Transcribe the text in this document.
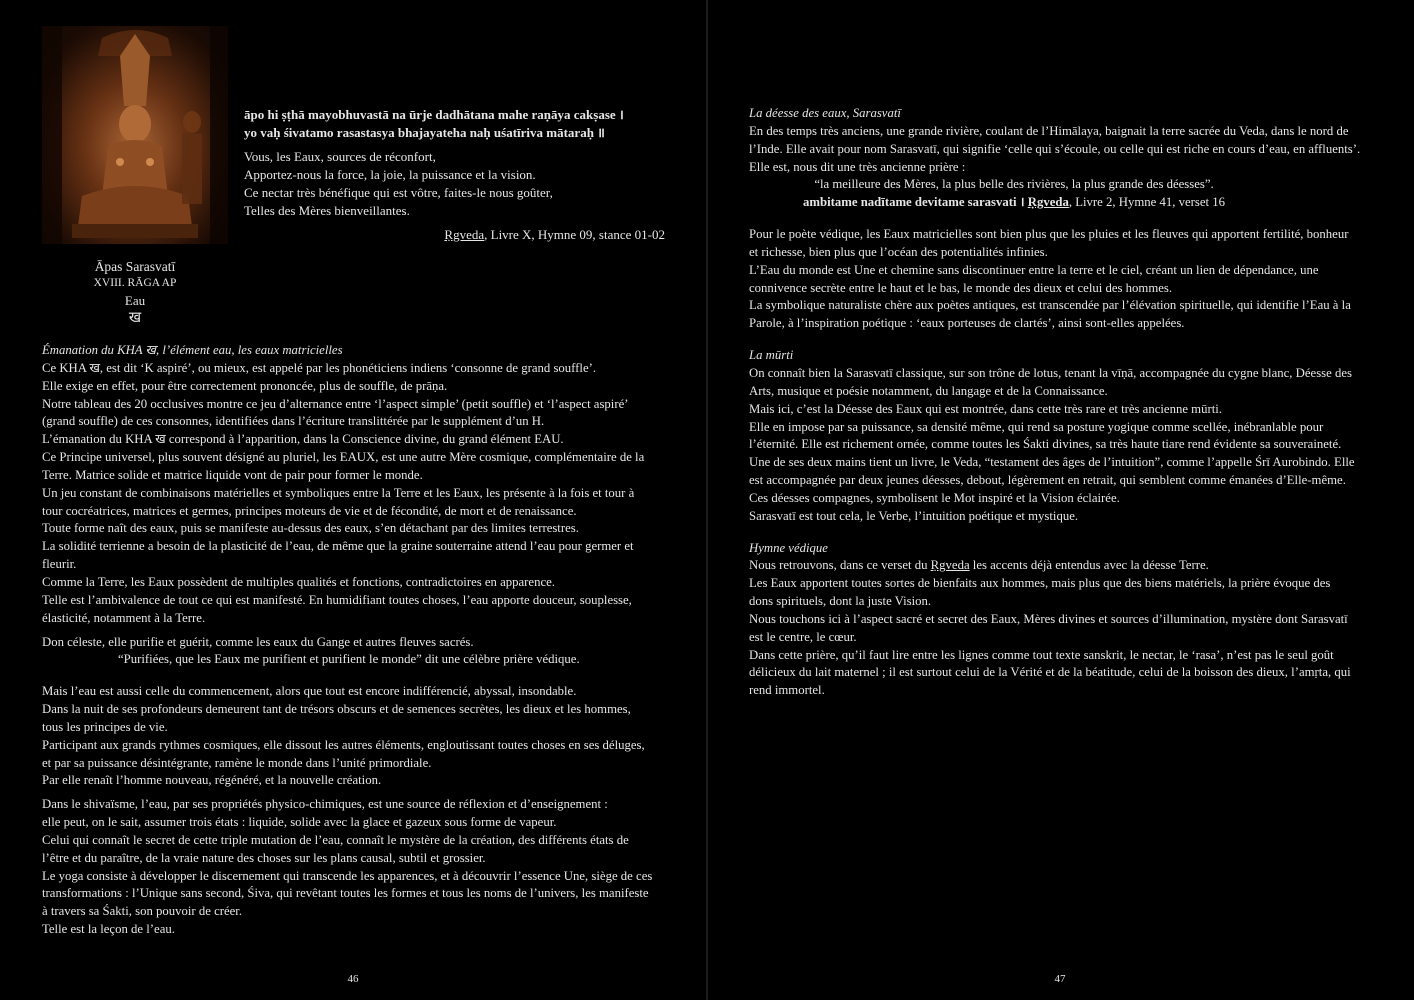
āpo hi ṣṭhā mayobhuvastā na ūrje dadhātana mahe raṇāya cakṣase ।
yo vaḥ śivatamo rasastasya bhajayateha naḥ uśatīriva mātaraḥ ॥
Vous, les Eaux, sources de réconfort,
Apportez-nous la force, la joie, la puissance et la vision.
Ce nectar très bénéfique qui est vôtre, faites-le nous goûter,
Telles des Mères bienveillantes.
Ṛgveda, Livre X, Hymne 09, stance 01-02
Āpas Sarasvatī
XVIII. RĀGA AP
Eau
ख

Émanation du KHA ख, l’élément eau, les eaux matricielles

Ce KHA ख, est dit ‘K aspiré’, ou mieux, est appelé par les phonéticiens indiens ‘consonne de grand souffle’.

Elle exige en effet, pour être correctement prononcée, plus de souffle, de prāṇa.

Notre tableau des 20 occlusives montre ce jeu d’alternance entre ‘l’aspect simple’ (petit souffle) et ‘l’aspect aspiré’

(grand souffle) de ces consonnes, identifiées dans l’écriture translittérée par le supplément d’un H.

L’émanation du KHA ख correspond à l’apparition, dans la Conscience divine, du grand élément EAU.

Ce Principe universel, plus souvent désigné au pluriel, les EAUX, est une autre Mère cosmique, complémentaire de la

Terre. Matrice solide et matrice liquide vont de pair pour former le monde.

Un jeu constant de combinaisons matérielles et symboliques entre la Terre et les Eaux, les présente à la fois et tour à

tour cocréatrices, matrices et germes, principes moteurs de vie et de fécondité, de mort et de renaissance.

Toute forme naît des eaux, puis se manifeste au-dessus des eaux, s’en détachant par des limites terrestres.

La solidité terrienne a besoin de la plasticité de l’eau, de même que la graine souterraine attend l’eau pour germer et

fleurir.

Comme la Terre, les Eaux possèdent de multiples qualités et fonctions, contradictoires en apparence.

Telle est l’ambivalence de tout ce qui est manifesté. En humidifiant toutes choses, l’eau apporte douceur, souplesse,

élasticité, notamment à la Terre.

Don céleste, elle purifie et guérit, comme les eaux du Gange et autres fleuves sacrés.

“Purifiées, que les Eaux me purifient et purifient le monde” dit une célèbre prière védique.

Mais l’eau est aussi celle du commencement, alors que tout est encore indifférencié, abyssal, insondable.

Dans la nuit de ses profondeurs demeurent tant de trésors obscurs et de semences secrètes, les dieux et les hommes,

tous les principes de vie.

Participant aux grands rythmes cosmiques, elle dissout les autres éléments, engloutissant toutes choses en ses déluges,

et par sa puissance désintégrante, ramène le monde dans l’unité primordiale.

Par elle renaît l’homme nouveau, régénéré, et la nouvelle création.

Dans le shivaïsme, l’eau, par ses propriétés physico-chimiques, est une source de réflexion et d’enseignement :

elle peut, on le sait, assumer trois états : liquide, solide avec la glace et gazeux sous forme de vapeur.

Celui qui connaît le secret de cette triple mutation de l’eau, connaît le mystère de la création, des différents états de

l’être et du paraître, de la vraie nature des choses sur les plans causal, subtil et grossier.

Le yoga consiste à développer le discernement qui transcende les apparences, et à découvrir l’essence Une, siège de ces

transformations : l’Unique sans second, Śiva, qui revêtant toutes les formes et tous les noms de l’univers, les manifeste

à travers sa Śakti, son pouvoir de créer.

Telle est la leçon de l’eau.

46

La déesse des eaux, Sarasvatī

En des temps très anciens, une grande rivière, coulant de l’Himālaya, baignait la terre sacrée du Veda, dans le nord de

l’Inde. Elle avait pour nom Sarasvatī, qui signifie ‘celle qui s’écoule, ou celle qui est riche en cours d’eau, en affluents’.

Elle est, nous dit une très ancienne prière :

“la meilleure des Mères, la plus belle des rivières, la plus grande des déesses”.

ambitame nadītame devitame sarasvati । Ṛgveda, Livre 2, Hymne 41, verset 16

Pour le poète védique, les Eaux matricielles sont bien plus que les pluies et les fleuves qui apportent fertilité, bonheur

et richesse, bien plus que l’océan des potentialités infinies.

L’Eau du monde est Une et chemine sans discontinuer entre la terre et le ciel, créant un lien de dépendance, une

connivence secrète entre le haut et le bas, le monde des dieux et celui des hommes.

La symbolique naturaliste chère aux poètes antiques, est transcendée par l’élévation spirituelle, qui identifie l’Eau à la

Parole, à l’inspiration poétique : ‘eaux porteuses de clartés’, ainsi sont-elles appelées.

La mūrti

On connaît bien la Sarasvatī classique, sur son trône de lotus, tenant la vīṇā, accompagnée du cygne blanc, Déesse des

Arts, musique et poésie notamment, du langage et de la Connaissance.

Mais ici, c’est la Déesse des Eaux qui est montrée, dans cette très rare et très ancienne mūrti.

Elle en impose par sa puissance, sa densité même, qui rend sa posture yogique comme scellée, inébranlable pour

l’éternité. Elle est richement ornée, comme toutes les Śakti divines, sa très haute tiare rend évidente sa souveraineté.

Une de ses deux mains tient un livre, le Veda, “testament des âges de l’intuition”, comme l’appelle Śrī Aurobindo. Elle

est accompagnée par deux jeunes déesses, debout, légèrement en retrait, qui semblent comme émanées d’Elle-même.

Ces déesses compagnes, symbolisent le Mot inspiré et la Vision éclairée.

Sarasvatī est tout cela, le Verbe, l’intuition poétique et mystique.

Hymne védique

Nous retrouvons, dans ce verset du Ṛgveda les accents déjà entendus avec la déesse Terre.

Les Eaux apportent toutes sortes de bienfaits aux hommes, mais plus que des biens matériels, la prière évoque des

dons spirituels, dont la juste Vision.

Nous touchons ici à l’aspect sacré et secret des Eaux, Mères divines et sources d’illumination, mystère dont Sarasvatī

est le centre, le cœur.

Dans cette prière, qu’il faut lire entre les lignes comme tout texte sanskrit, le nectar, le ‘rasa’, n’est pas le seul goût

délicieux du lait maternel ; il est surtout celui de la Vérité et de la béatitude, celui de la boisson des dieux, l’amṛta, qui

rend immortel.

47
